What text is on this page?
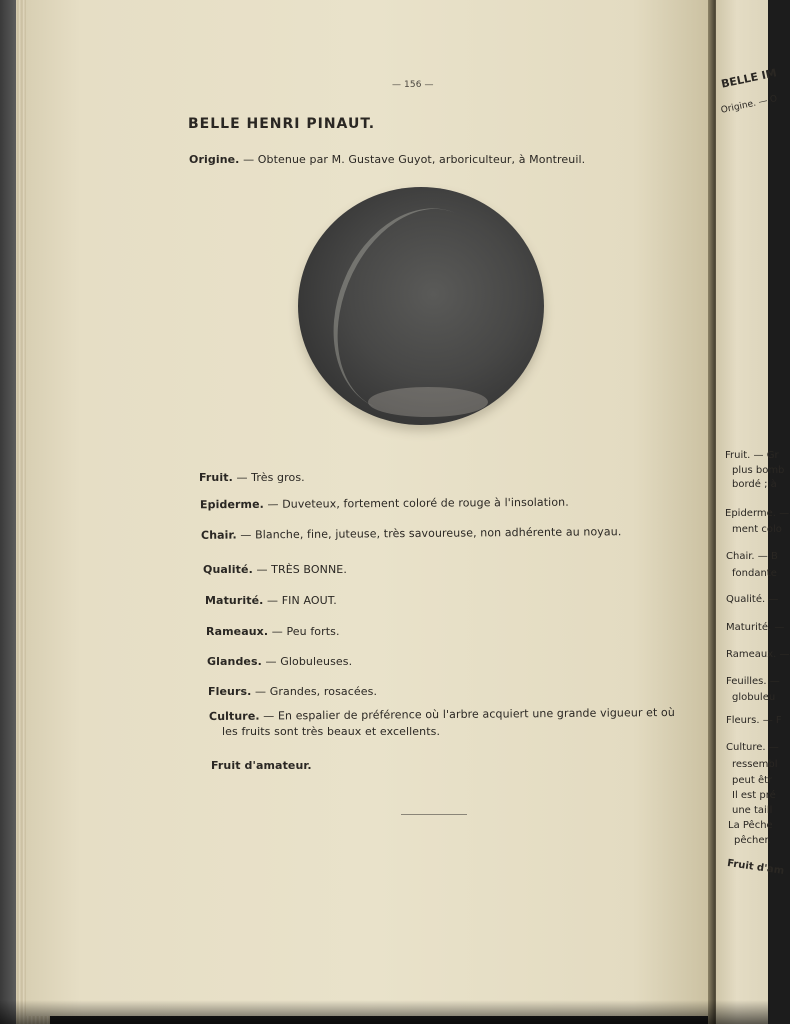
— 156 —
BELLE HENRI PINAUT.
Origine. — Obtenue par M. Gustave Guyot, arboriculteur, à Montreuil.
Fruit. — Très gros.
Epiderme. — Duveteux, fortement coloré de rouge à l'insolation.
Chair. — Blanche, fine, juteuse, très savoureuse, non adhérente au noyau.
Qualité. — TRÈS BONNE.
Maturité. — FIN AOUT.
Rameaux. — Peu forts.
Glandes. — Globuleuses.
Fleurs. — Grandes, rosacées.
Culture. — En espalier de préférence où l'arbre acquiert une grande vigueur et où
les fruits sont très beaux et excellents.
Fruit d'amateur.
BELLE IM
Origine. — O
Fruit. — Gr
plus bomb
bordé ; à
Epiderme. —
ment colo
Chair. — B
fondante
Qualité. —
Maturité. —
Rameaux. —
Feuilles. —
globuleu
Fleurs. — F
Culture. —
ressembl
peut êtr
Il est pré
une taill
La Pêche
pêcher.
Fruit d'am
